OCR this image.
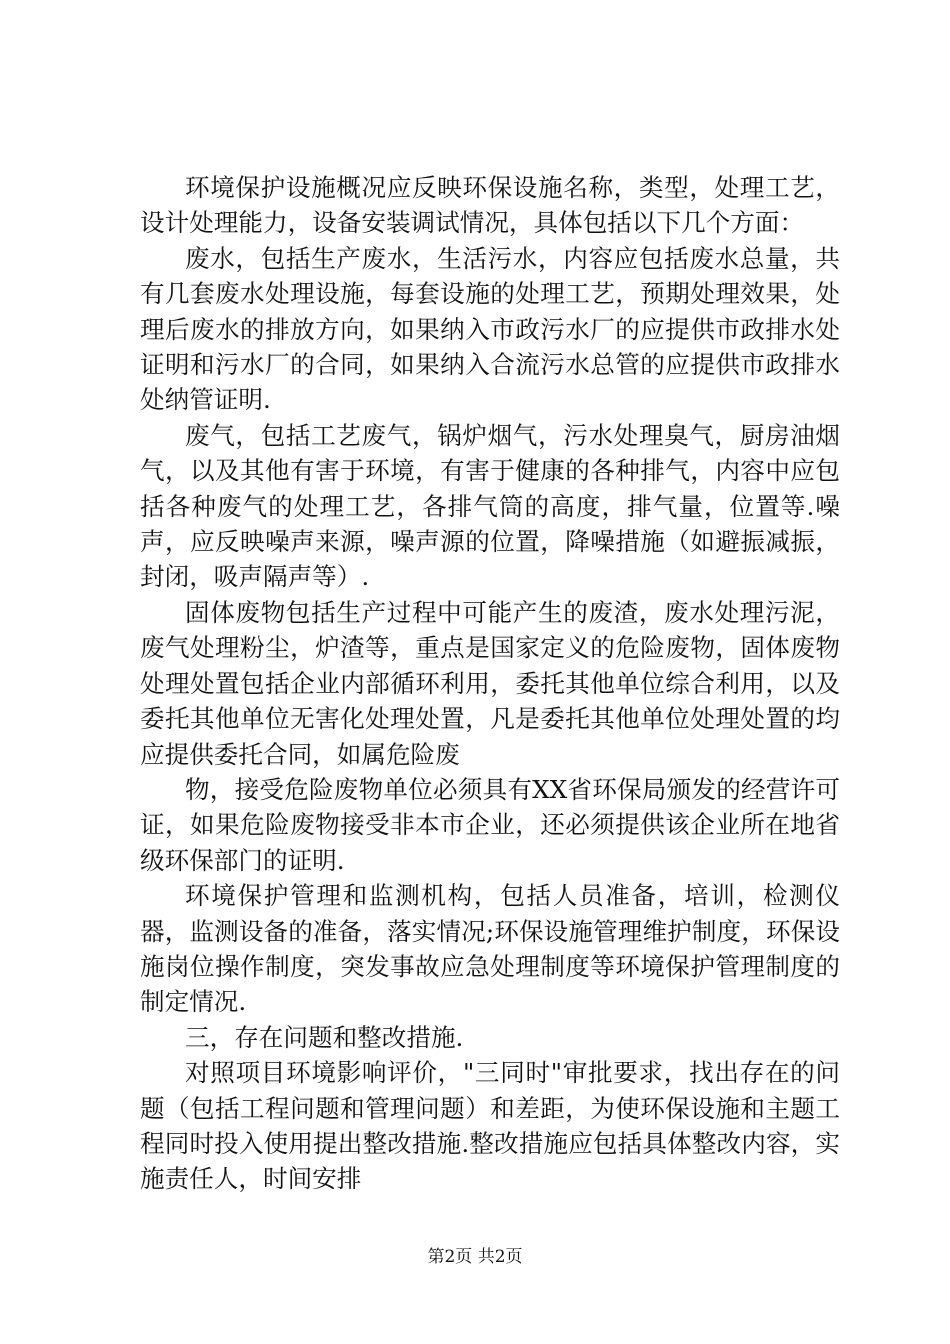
环境保护设施概况应反映环保设施名称，类型，处理工艺，设计处理能力，设备安装调试情况，具体包括以下几个方面：

废水，包括生产废水，生活污水，内容应包括废水总量，共有几套废水处理设施，每套设施的处理工艺，预期处理效果，处理后废水的排放方向，如果纳入市政污水厂的应提供市政排水处证明和污水厂的合同，如果纳入合流污水总管的应提供市政排水处纳管证明.

废气，包括工艺废气，锅炉烟气，污水处理臭气，厨房油烟气，以及其他有害于环境，有害于健康的各种排气，内容中应包括各种废气的处理工艺，各排气筒的高度，排气量，位置等.噪声，应反映噪声来源，噪声源的位置，降噪措施（如避振减振，封闭，吸声隔声等）.

固体废物包括生产过程中可能产生的废渣，废水处理污泥，废气处理粉尘，炉渣等，重点是国家定义的危险废物，固体废物处理处置包括企业内部循环利用，委托其他单位综合利用，以及委托其他单位无害化处理处置，凡是委托其他单位处理处置的均应提供委托合同，如属危险废

物，接受危险废物单位必须具有XX省环保局颁发的经营许可证，如果危险废物接受非本市企业，还必须提供该企业所在地省级环保部门的证明.

环境保护管理和监测机构，包括人员准备，培训，检测仪器，监测设备的准备，落实情况;环保设施管理维护制度，环保设施岗位操作制度，突发事故应急处理制度等环境保护管理制度的制定情况.

三，存在问题和整改措施.

对照项目环境影响评价，"三同时"审批要求，找出存在的问题（包括工程问题和管理问题）和差距，为使环保设施和主题工程同时投入使用提出整改措施.整改措施应包括具体整改内容，实施责任人，时间安排

第2页 共2页
